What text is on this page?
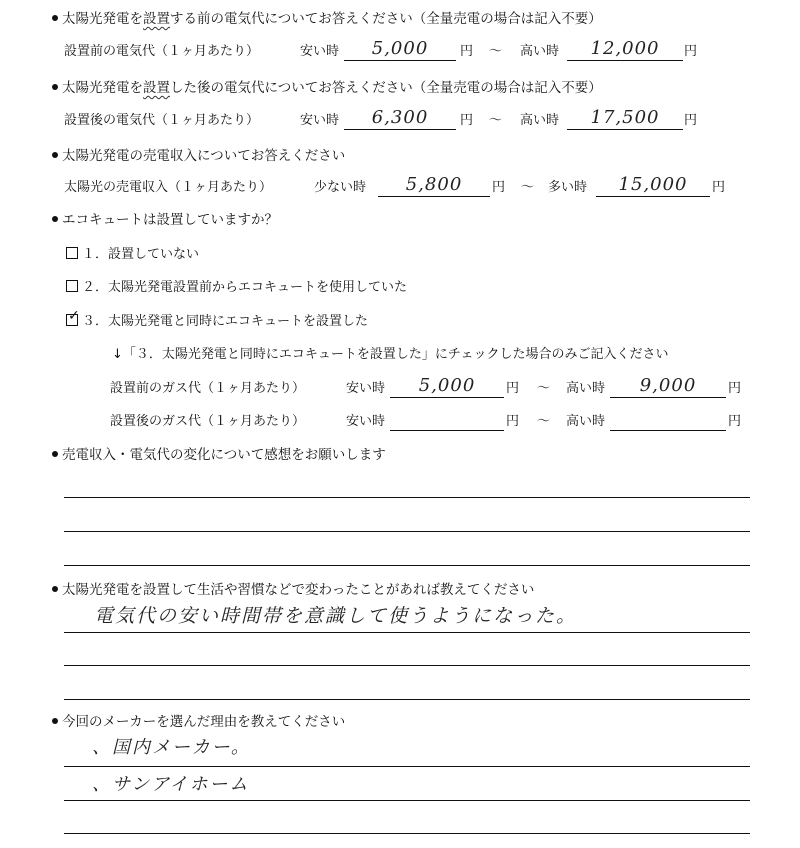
太陽光発電を設置する前の電気代についてお答えください（全量売電の場合は記入不要）
設置前の電気代（１ヶ月あたり）	安い時	5,000	円 ～ 高い時	12,000	円
太陽光発電を設置した後の電気代についてお答えください（全量売電の場合は記入不要）
設置後の電気代（１ヶ月あたり）	安い時	6,300	円 ～ 高い時	17,500	円
太陽光発電の売電収入についてお答えください
太陽光の売電収入（１ヶ月あたり）	少ない時	5,800	円 ～ 多い時	15,000	円
エコキュートは設置していますか？
１．設置していない
２．太陽光発電設置前からエコキュートを使用していた
✓ ３．太陽光発電と同時にエコキュートを設置した
↓「３．太陽光発電と同時にエコキュートを設置した」にチェックした場合のみご記入ください
設置前のガス代（１ヶ月あたり）	安い時	5,000	円 ～ 高い時	9,000	円
設置後のガス代（１ヶ月あたり）	安い時	円 ～ 高い時	円
売電収入・電気代の変化について感想をお願いします
太陽光発電を設置して生活や習慣などで変わったことがあれば教えてください
電気代の安い時間帯を意識して使うようになった。
今回のメーカーを選んだ理由を教えてください
、国内メーカー。
、サンアイホーム
